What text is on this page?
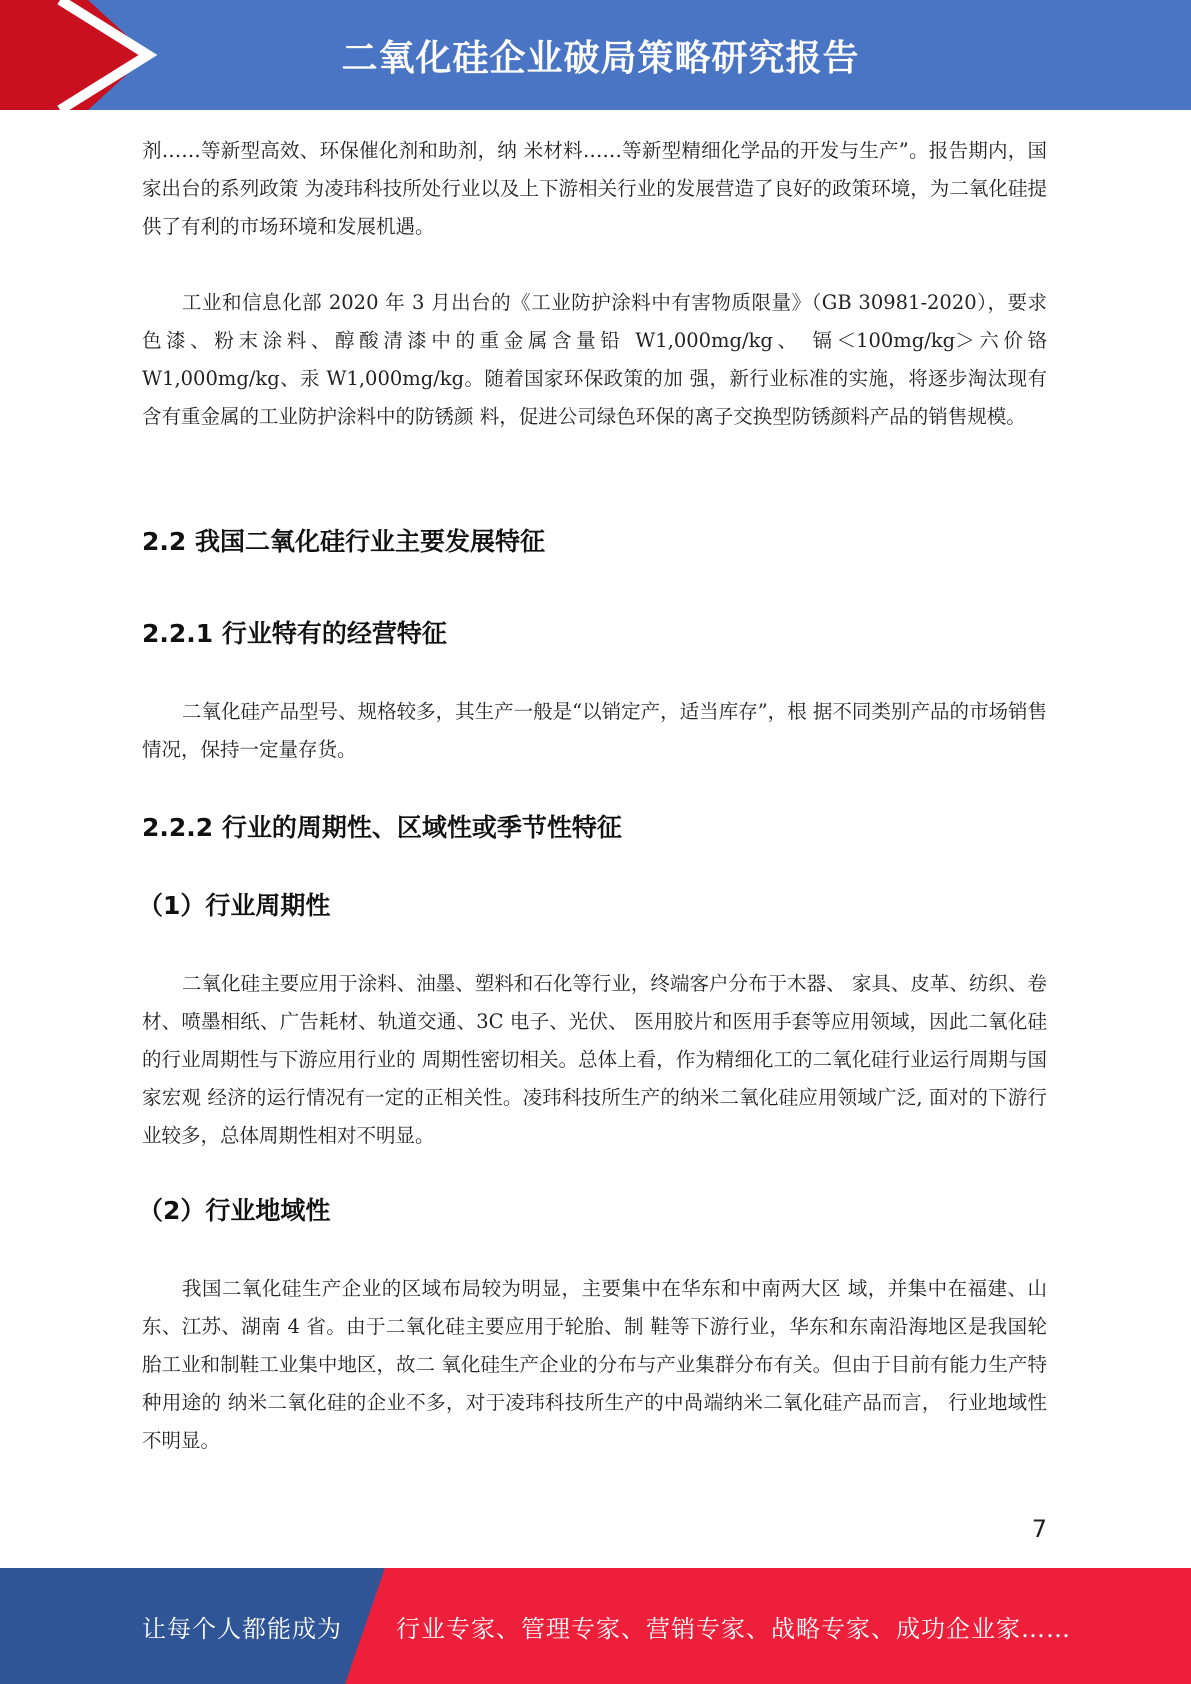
二氧化硅企业破局策略研究报告

剂……等新型高效、环保催化剂和助剂，纳 米材料……等新型精细化学品的开发与生产”。报告期内，国家出台的系列政策 为凌玮科技所处行业以及上下游相关行业的发展营造了良好的政策环境，为二氧化硅提供了有利的市场环境和发展机遇。

工业和信息化部 2020 年 3 月出台的《工业防护涂料中有害物质限量》（GB 30981-2020），要求色漆、粉末涂料、醇酸清漆中的重金属含量铅 W1,000mg/kg、 镉＜100mg/kg＞六价铬 W1,000mg/kg、汞 W1,000mg/kg。随着国家环保政策的加 强，新行业标准的实施，将逐步淘汰现有含有重金属的工业防护涂料中的防锈颜 料，促进公司绿色环保的离子交换型防锈颜料产品的销售规模。

2.2 我国二氧化硅行业主要发展特征
2.2.1 行业特有的经营特征

二氧化硅产品型号、规格较多，其生产一般是“以销定产，适当库存”，根 据不同类别产品的市场销售情况，保持一定量存货。

2.2.2 行业的周期性、区域性或季节性特征
（1）行业周期性

二氧化硅主要应用于涂料、油墨、塑料和石化等行业，终端客户分布于木器、 家具、皮革、纺织、卷材、喷墨相纸、广告耗材、轨道交通、3C 电子、光伏、 医用胶片和医用手套等应用领域，因此二氧化硅的行业周期性与下游应用行业的 周期性密切相关。总体上看，作为精细化工的二氧化硅行业运行周期与国家宏观 经济的运行情况有一定的正相关性。凌玮科技所生产的纳米二氧化硅应用领域广泛, 面对的下游行业较多，总体周期性相对不明显。

（2）行业地域性

我国二氧化硅生产企业的区域布局较为明显，主要集中在华东和中南两大区 域，并集中在福建、山东、江苏、湖南 4 省。由于二氧化硅主要应用于轮胎、制 鞋等下游行业，华东和东南沿海地区是我国轮胎工业和制鞋工业集中地区，故二 氧化硅生产企业的分布与产业集群分布有关。但由于目前有能力生产特种用途的 纳米二氧化硅的企业不多，对于凌玮科技所生产的中咼端纳米二氧化硅产品而言， 行业地域性不明显。

7
让每个人都能成为 行业专家、管理专家、营销专家、战略专家、成功企业家……
